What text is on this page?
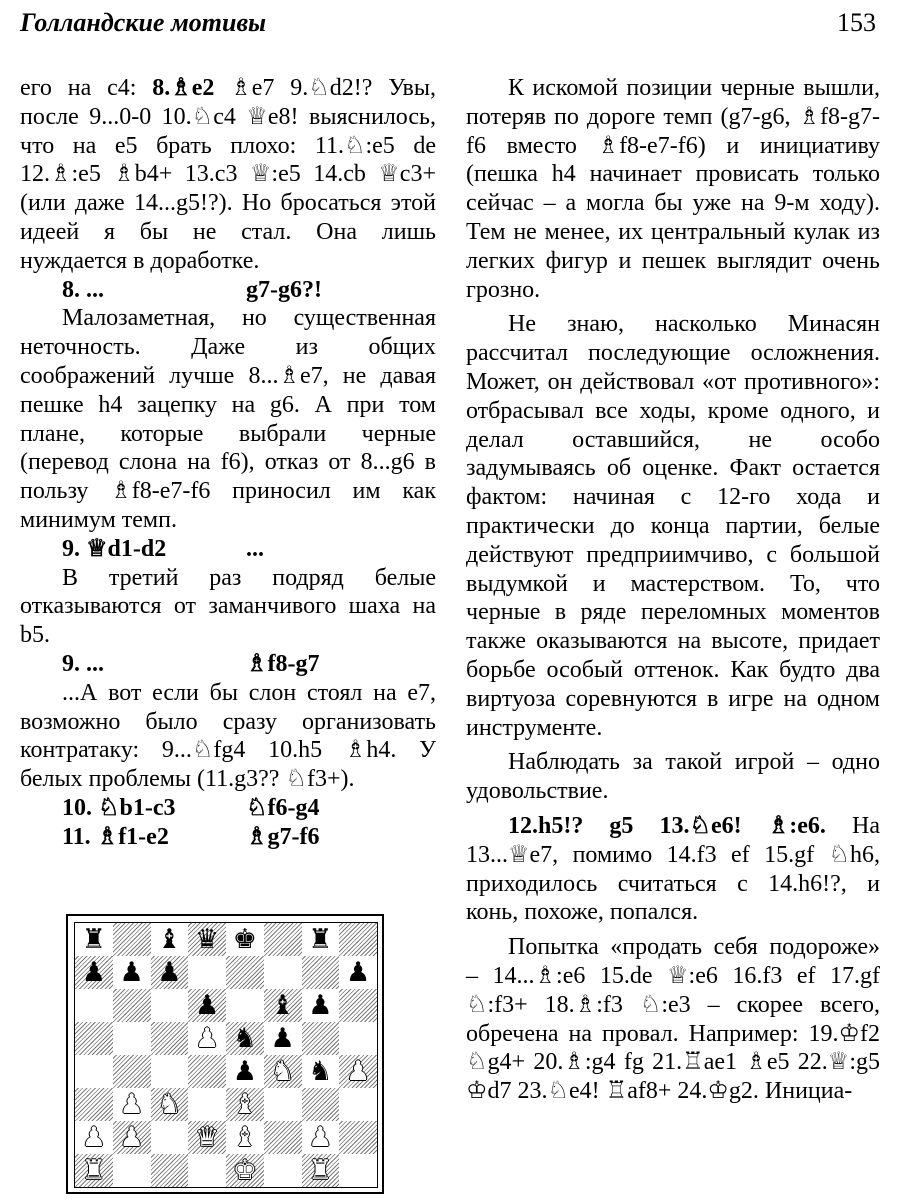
Голландские мотивы	153

его на с4: 8.♗e2 ♗e7 9.♘d2!? Увы, после 9...0-0 10.♘c4 ♕e8! выяснилось, что на е5 брать плохо: 11.♘:e5 de 12.♗:e5 ♗b4+ 13.c3 ♕:e5 14.cb ♕c3+ (или даже 14...g5!?). Но бросаться этой идеей я бы не стал. Она лишь нуждается в доработке.

8. ...	g7-g6?!

Малозаметная, но существенная неточность. Даже из общих соображений лучше 8...♗e7, не давая пешке h4 зацепку на g6. А при том плане, которые выбрали черные (перевод слона на f6), отказ от 8...g6 в пользу ♗f8-e7-f6 приносил им как минимум темп.

9. ♕d1-d2	...

В третий раз подряд белые отказываются от заманчивого шаха на b5.

9. ...	♗f8-g7

...А вот если бы слон стоял на е7, возможно было сразу организовать контратаку: 9...♘fg4 10.h5 ♗h4. У белых проблемы (11.g3?? ♘f3+).

10. ♘b1-c3	♘f6-g4

11. ♗f1-e2	♗g7-f6

♜ ♝ ♛ ♚ ♜
♟ ♟ ♟	♟
♟ ♝ ♟
♟ ♞ ♟
♟ ♞ ♞ ♟
♟ ♞ ♝
♟ ♟ ♛ ♝ ♟
♜	♚ ♜

К искомой позиции черные вышли, потеряв по дороге темп (g7-g6, ♗f8-g7-f6 вместо ♗f8-e7-f6) и инициативу (пешка h4 начинает провисать только сейчас – а могла бы уже на 9-м ходу). Тем не менее, их центральный кулак из легких фигур и пешек выглядит очень грозно.

Не знаю, насколько Минасян рассчитал последующие осложнения. Может, он действовал «от противного»: отбрасывал все ходы, кроме одного, и делал оставшийся, не особо задумываясь об оценке. Факт остается фактом: начиная с 12-го хода и практически до конца партии, белые действуют предприимчиво, с большой выдумкой и мастерством. То, что черные в ряде переломных моментов также оказываются на высоте, придает борьбе особый оттенок. Как будто два виртуоза соревнуются в игре на одном инструменте.

Наблюдать за такой игрой – одно удовольствие.

12.h5!? g5 13.♘e6! ♗:e6. На 13...♕e7, помимо 14.f3 ef 15.gf ♘h6, приходилось считаться с 14.h6!?, и конь, похоже, попался.

Попытка «продать себя подороже» – 14...♗:e6 15.de ♕:e6 16.f3 ef 17.gf ♘:f3+ 18.♗:f3 ♘:e3 – скорее всего, обречена на провал. Например: 19.♔f2 ♘g4+ 20.♗:g4 fg 21.♖ae1 ♗e5 22.♕:g5 ♔d7 23.♘e4! ♖af8+ 24.♔g2. Инициа-
